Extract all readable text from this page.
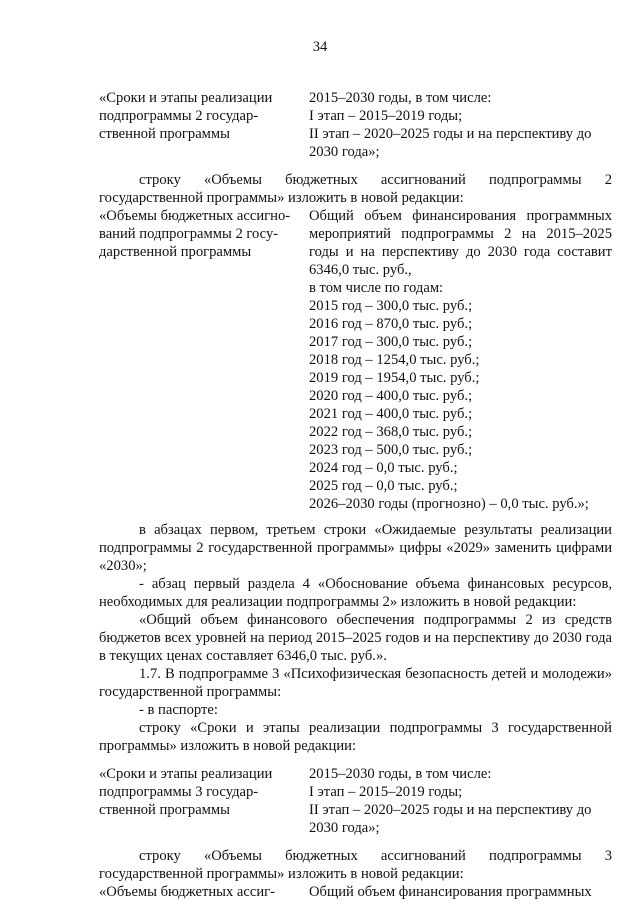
34
«Сроки и этапы реализации
подпрограммы 2 государ-
ственной программы
2015–2030 годы, в том числе:
I этап – 2015–2019 годы;
II этап – 2020–2025 годы и на перспективу до
2030 года»;
строку «Объемы бюджетных ассигнований подпрограммы 2 государственной программы» изложить в новой редакции:
«Объемы бюджетных ассигно-
ваний подпрограммы 2 госу-
дарственной программы
Общий объем финансирования программных мероприятий подпрограммы 2 на 2015–2025 годы и на перспективу до 2030 года составит 6346,0 тыс. руб.,
в том числе по годам:
2015 год – 300,0 тыс. руб.;
2016 год – 870,0 тыс. руб.;
2017 год – 300,0 тыс. руб.;
2018 год – 1254,0 тыс. руб.;
2019 год – 1954,0 тыс. руб.;
2020 год – 400,0 тыс. руб.;
2021 год – 400,0 тыс. руб.;
2022 год – 368,0 тыс. руб.;
2023 год – 500,0 тыс. руб.;
2024 год – 0,0 тыс. руб.;
2025 год – 0,0 тыс. руб.;
2026–2030 годы (прогнозно) – 0,0 тыс. руб.»;
в абзацах первом, третьем строки «Ожидаемые результаты реализации подпрограммы 2 государственной программы» цифры «2029» заменить цифрами «2030»;
- абзац первый раздела 4 «Обоснование объема финансовых ресурсов, необходимых для реализации подпрограммы 2» изложить в новой редакции:
«Общий объем финансового обеспечения подпрограммы 2 из средств бюджетов всех уровней на период 2015–2025 годов и на перспективу до 2030 года в текущих ценах составляет 6346,0 тыс. руб.».
1.7. В подпрограмме 3 «Психофизическая безопасность детей и молодежи» государственной программы:
- в паспорте:
строку «Сроки и этапы реализации подпрограммы 3 государственной программы» изложить в новой редакции:
«Сроки и этапы реализации
подпрограммы 3 государ-
ственной программы
2015–2030 годы, в том числе:
I этап – 2015–2019 годы;
II этап – 2020–2025 годы и на перспективу до
2030 года»;
строку «Объемы бюджетных ассигнований подпрограммы 3 государственной программы» изложить в новой редакции:
«Объемы бюджетных ассиг-	Общий объем финансирования программных
